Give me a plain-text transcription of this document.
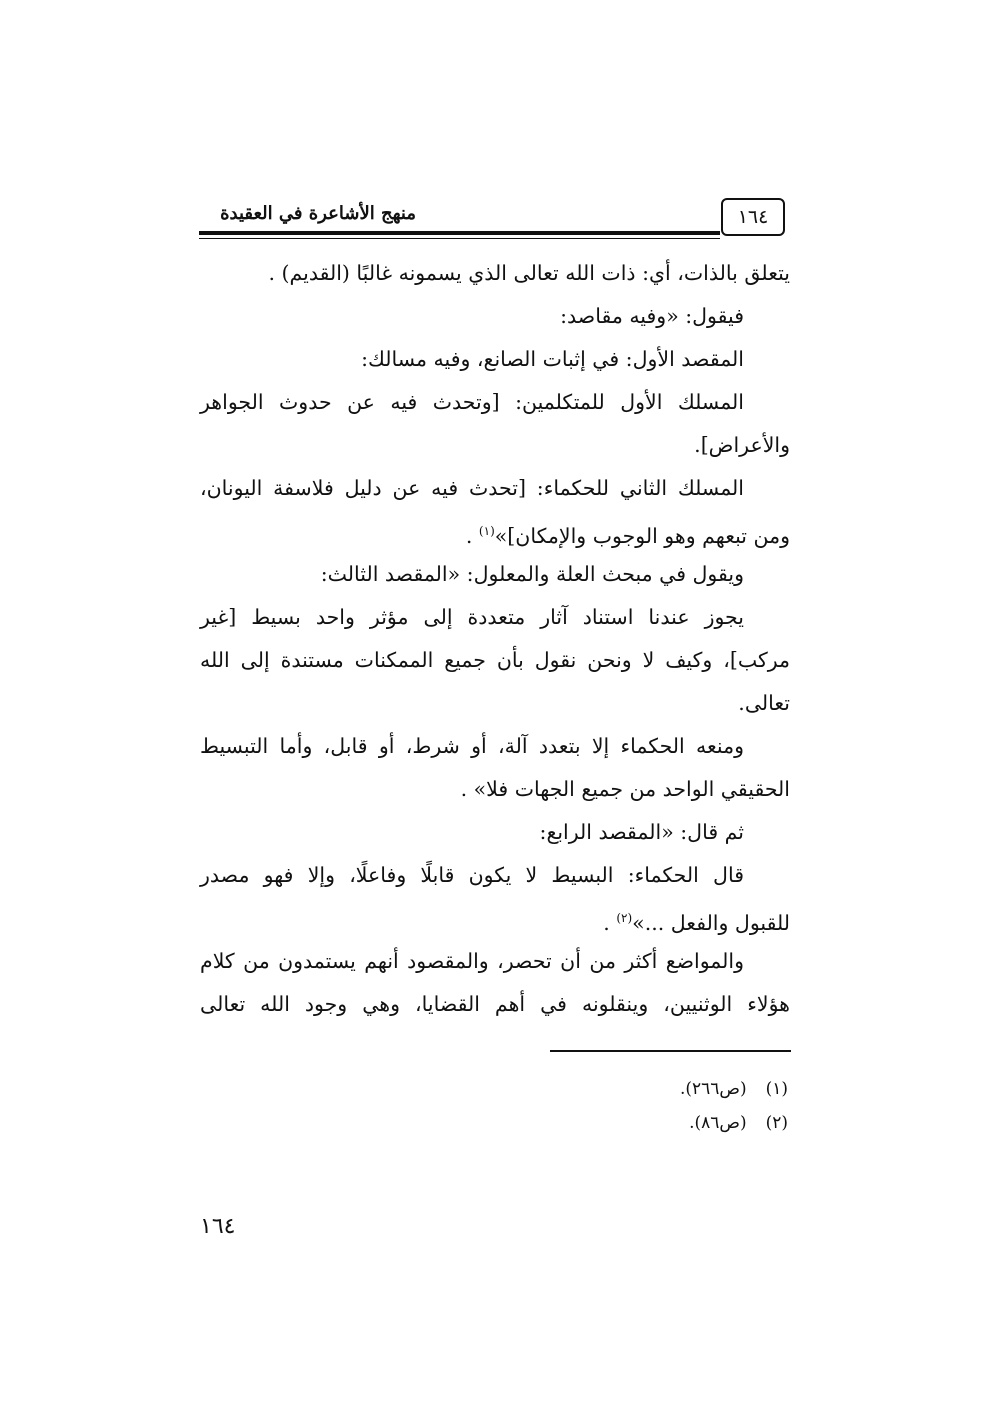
١٦٤
منهج الأشاعرة في العقيدة
يتعلق بالذات، أي: ذات الله تعالى الذي يسمونه غالبًا (القديم) .
فيقول: «وفيه مقاصد:
المقصد الأول: في إثبات الصانع، وفيه مسالك:
المسلك الأول للمتكلمين: [وتحدث فيه عن حدوث الجواهر
والأعراض].
المسلك الثاني للحكماء: [تحدث فيه عن دليل فلاسفة اليونان،
ومن تبعهم وهو الوجوب والإمكان]»$^{(١)}$ .
ويقول في مبحث العلة والمعلول: «المقصد الثالث:
يجوز عندنا استناد آثار متعددة إلى مؤثر واحد بسيط [غير
مركب]، وكيف لا ونحن نقول بأن جميع الممكنات مستندة إلى الله
تعالى.
ومنعه الحكماء إلا بتعدد آلة، أو شرط، أو قابل، وأما التبسيط
الحقيقي الواحد من جميع الجهات فلا» .
ثم قال: «المقصد الرابع:
قال الحكماء: البسيط لا يكون قابلًا وفاعلًا، وإلا فهو مصدر
للقبول والفعل ...»$^{(٢)}$ .
والمواضع أكثر من أن تحصر، والمقصود أنهم يستمدون من كلام
هؤلاء الوثنيين، وينقلونه في أهم القضايا، وهي وجود الله تعالى
(١) (ص٢٦٦).
(٢) (ص٨٦).
١٦٤
